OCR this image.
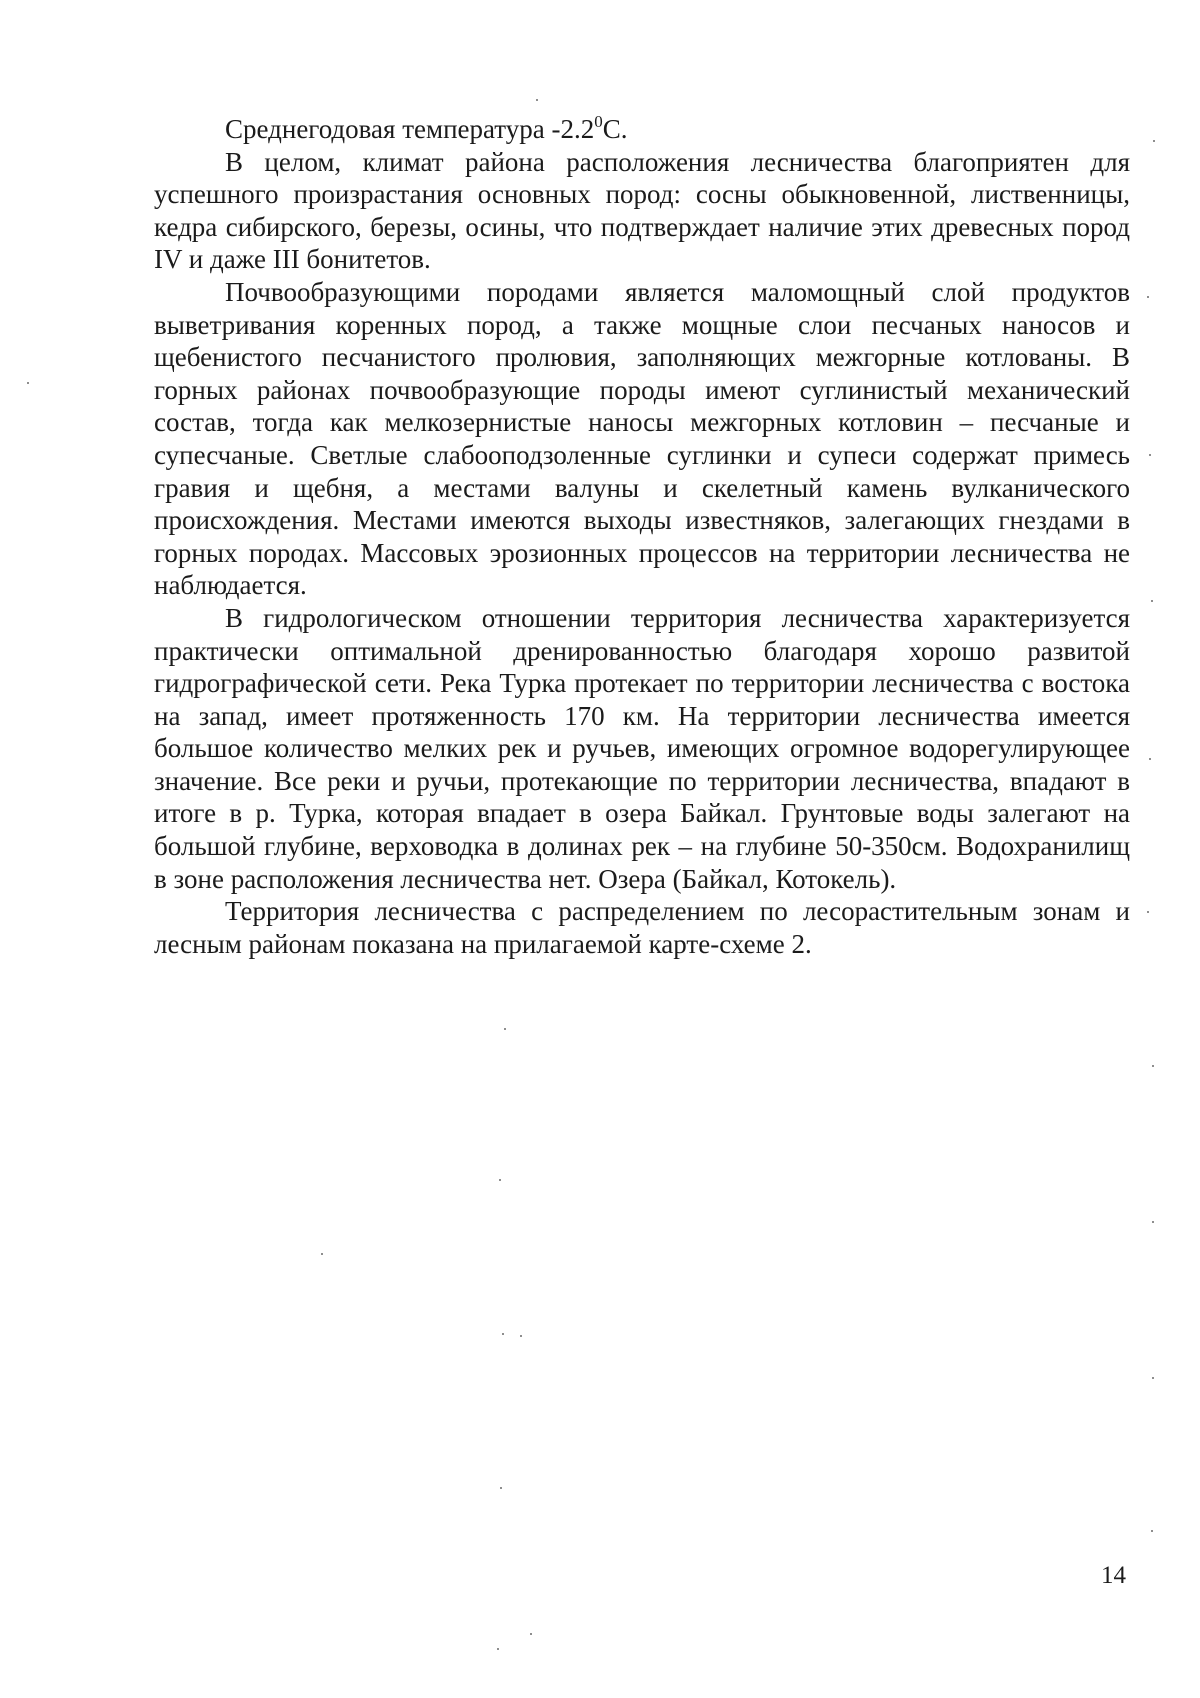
Среднегодовая температура $-2.2^0С$.

В целом, климат района расположения лесничества благоприятен для успешного произрастания основных пород: сосны обыкновенной, лиственницы, кедра сибирского, березы, осины, что подтверждает наличие этих древесных пород IV и даже III бонитетов.

Почвообразующими породами является маломощный слой продуктов выветривания коренных пород, а также мощные слои песчаных наносов и щебенистого песчанистого пролювия, заполняющих межгорные котлованы. В горных районах почвообразующие породы имеют суглинистый механический состав, тогда как мелкозернистые наносы межгорных котловин – песчаные и супесчаные. Светлые слабооподзоленные суглинки и супеси содержат примесь гравия и щебня, а местами валуны и скелетный камень вулканического происхождения. Местами имеются выходы известняков, залегающих гнездами в горных породах. Массовых эрозионных процессов на территории лесничества не наблюдается.

В гидрологическом отношении территория лесничества характеризуется практически оптимальной дренированностью благодаря хорошо развитой гидрографической сети. Река Турка протекает по территории лесничества с востока на запад, имеет протяженность 170 км. На территории лесничества имеется большое количество мелких рек и ручьев, имеющих огромное водорегулирующее значение. Все реки и ручьи, протекающие по территории лесничества, впадают в итоге в р. Турка, которая впадает в озера Байкал. Грунтовые воды залегают на большой глубине, верховодка в долинах рек – на глубине 50-350см. Водохранилищ в зоне расположения лесничества нет. Озера (Байкал, Котокель).

Территория лесничества с распределением по лесорастительным зонам и лесным районам показана на прилагаемой карте-схеме 2.

14
